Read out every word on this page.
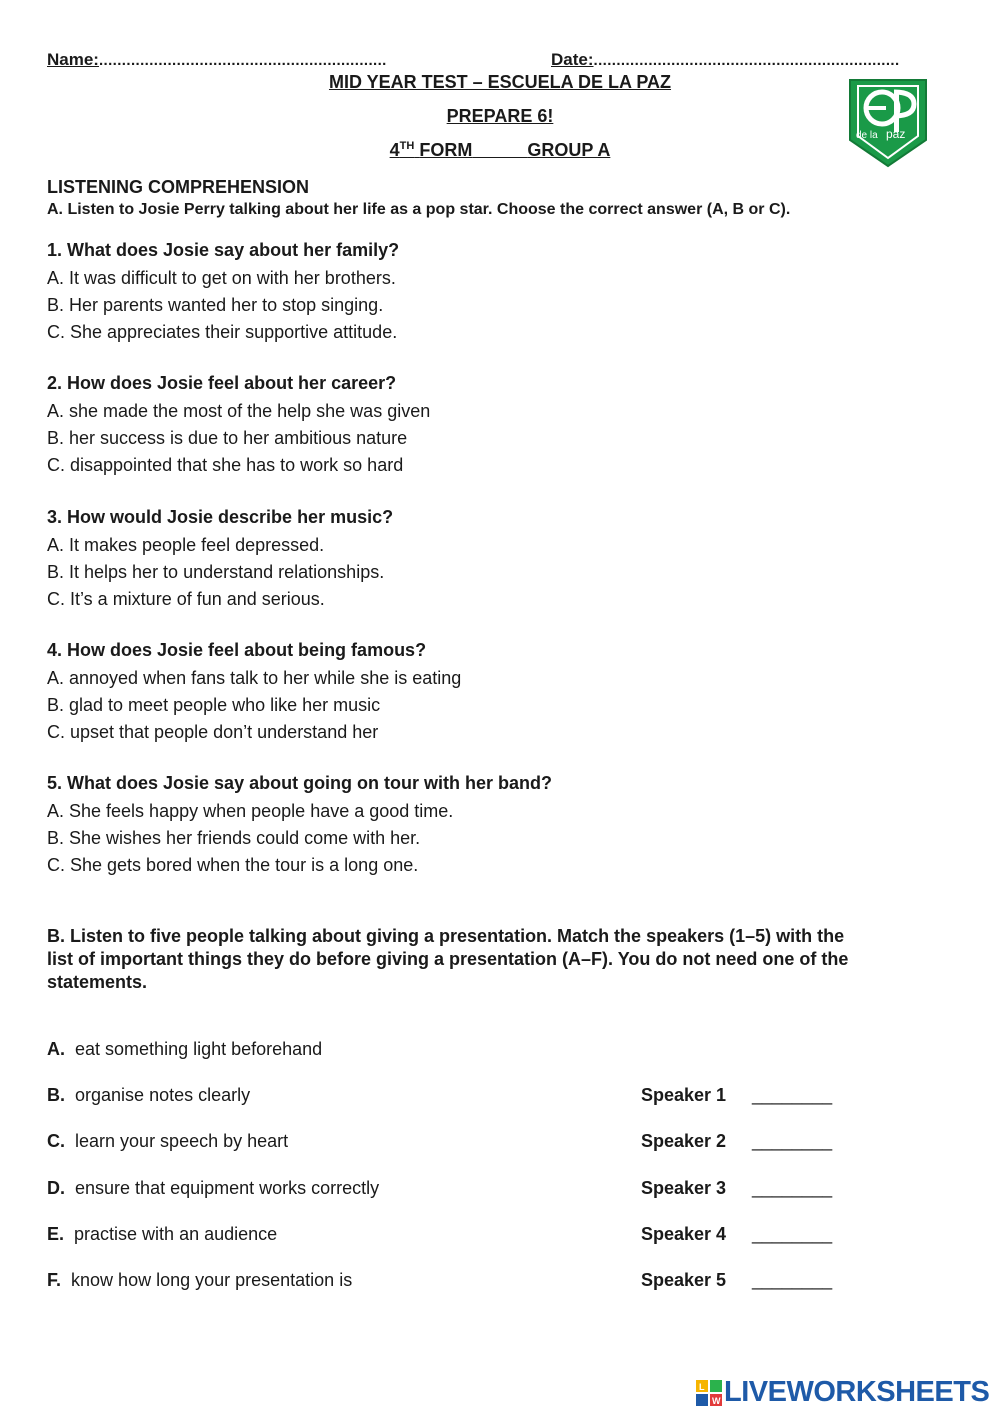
Name:...............................................................	Date:...................................................................
MID YEAR TEST – ESCUELA DE LA PAZ
PREPARE 6!
4TH FORM	GROUP A
de la paz
LISTENING COMPREHENSION
A. Listen to Josie Perry talking about her life as a pop star. Choose the correct answer (A, B or C).
1. What does Josie say about her family?
A. It was difficult to get on with her brothers.
B. Her parents wanted her to stop singing.
C. She appreciates their supportive attitude.
2. How does Josie feel about her career?
A. she made the most of the help she was given
B. her success is due to her ambitious nature
C. disappointed that she has to work so hard
3. How would Josie describe her music?
A. It makes people feel depressed.
B. It helps her to understand relationships.
C. It’s a mixture of fun and serious.
4. How does Josie feel about being famous?
A. annoyed when fans talk to her while she is eating
B. glad to meet people who like her music
C. upset that people don’t understand her
5. What does Josie say about going on tour with her band?
A. She feels happy when people have a good time.
B. She wishes her friends could come with her.
C. She gets bored when the tour is a long one.
B. Listen to five people talking about giving a presentation. Match the speakers (1–5) with the
list of important things they do before giving a presentation (A–F). You do not need one of the
statements.
A. eat something light beforehand
B. organise notes clearly	Speaker 1 ________
C. learn your speech by heart	Speaker 2 ________
D. ensure that equipment works correctly	Speaker 3 ________
E. practise with an audience	Speaker 4 ________
F. know how long your presentation is	Speaker 5 ________
L
W LIVEWORKSHEETS
